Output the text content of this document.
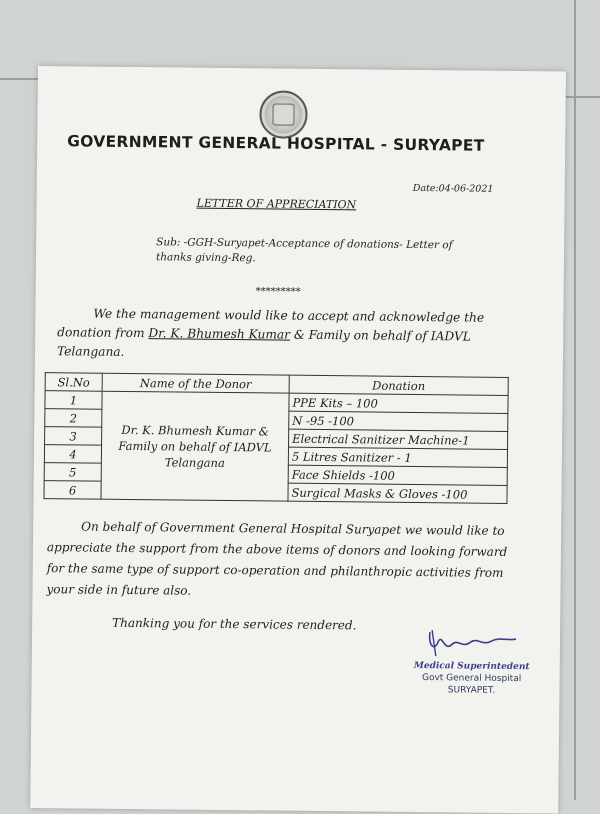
GOVERNMENT GENERAL HOSPITAL - SURYAPET
Date:04-06-2021
LETTER OF APPRECIATION
Sub: -GGH-Suryapet-Acceptance of donations- Letter of thanks giving-Reg.
*********
We the management would like to accept and acknowledge the donation from Dr. K. Bhumesh Kumar & Family on behalf of IADVL Telangana.
Sl.No	Name of the Donor	Donation
1	Dr. K. Bhumesh Kumar & Family on behalf of IADVL Telangana	PPE Kits – 100
2		N -95 -100
3		Electrical Sanitizer Machine-1
4		5 Litres Sanitizer - 1
5		Face Shields -100
6		Surgical Masks & Gloves -100
On behalf of Government General Hospital Suryapet we would like to appreciate the support from the above items of donors and looking forward for the same type of support co-operation and philanthropic activities from your side in future also.
Thanking you for the services rendered.
Medical Superintedent
Govt General Hospital
SURYAPET.
